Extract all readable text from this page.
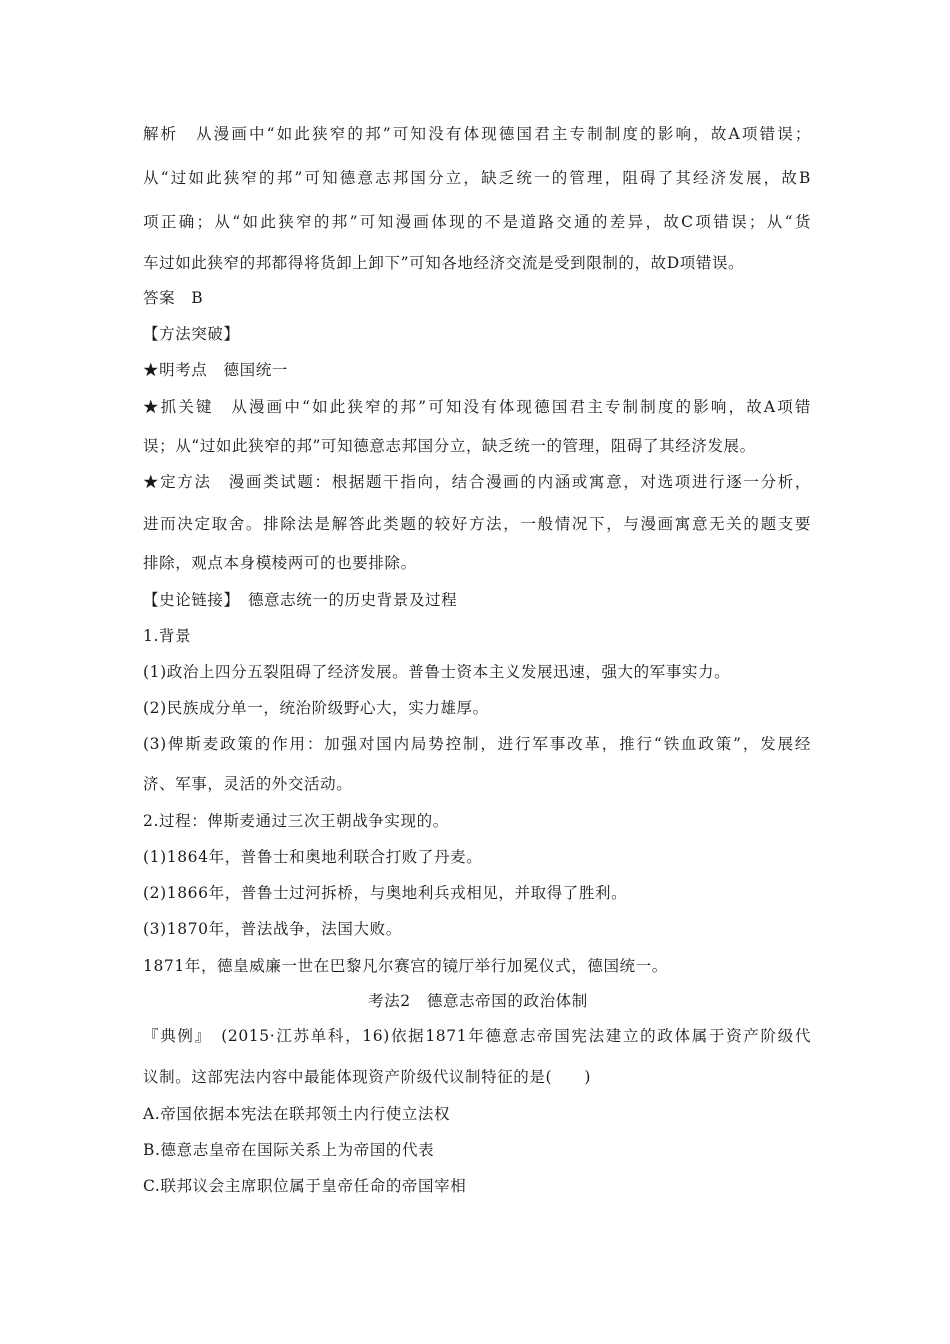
解析　从漫画中“如此狭窄的邦”可知没有体现德国君主专制制度的影响，故A项错误；
从“过如此狭窄的邦”可知德意志邦国分立，缺乏统一的管理，阻碍了其经济发展，故B
项正确；从“如此狭窄的邦”可知漫画体现的不是道路交通的差异，故C项错误；从“货
车过如此狭窄的邦都得将货卸上卸下”可知各地经济交流是受到限制的，故D项错误。
答案　B
【方法突破】
★明考点　德国统一
★抓关键　从漫画中“如此狭窄的邦”可知没有体现德国君主专制制度的影响，故A项错
误；从“过如此狭窄的邦”可知德意志邦国分立，缺乏统一的管理，阻碍了其经济发展。
★定方法　漫画类试题：根据题干指向，结合漫画的内涵或寓意，对选项进行逐一分析，
进而决定取舍。排除法是解答此类题的较好方法，一般情况下，与漫画寓意无关的题支要
排除，观点本身模棱两可的也要排除。
【史论链接】　德意志统一的历史背景及过程
1.背景
(1)政治上四分五裂阻碍了经济发展。普鲁士资本主义发展迅速，强大的军事实力。
(2)民族成分单一，统治阶级野心大，实力雄厚。
(3)俾斯麦政策的作用：加强对国内局势控制，进行军事改革，推行“铁血政策”，发展经
济、军事，灵活的外交活动。
2.过程：俾斯麦通过三次王朝战争实现的。
(1)1864年，普鲁士和奥地利联合打败了丹麦。
(2)1866年，普鲁士过河拆桥，与奥地利兵戎相见，并取得了胜利。
(3)1870年，普法战争，法国大败。
1871年，德皇威廉一世在巴黎凡尔赛宫的镜厅举行加冕仪式，德国统一。
考法2　德意志帝国的政治体制
『典例』　(2015·江苏单科，16)依据1871年德意志帝国宪法建立的政体属于资产阶级代
议制。这部宪法内容中最能体现资产阶级代议制特征的是(　　)
A.帝国依据本宪法在联邦领土内行使立法权
B.德意志皇帝在国际关系上为帝国的代表
C.联邦议会主席职位属于皇帝任命的帝国宰相
